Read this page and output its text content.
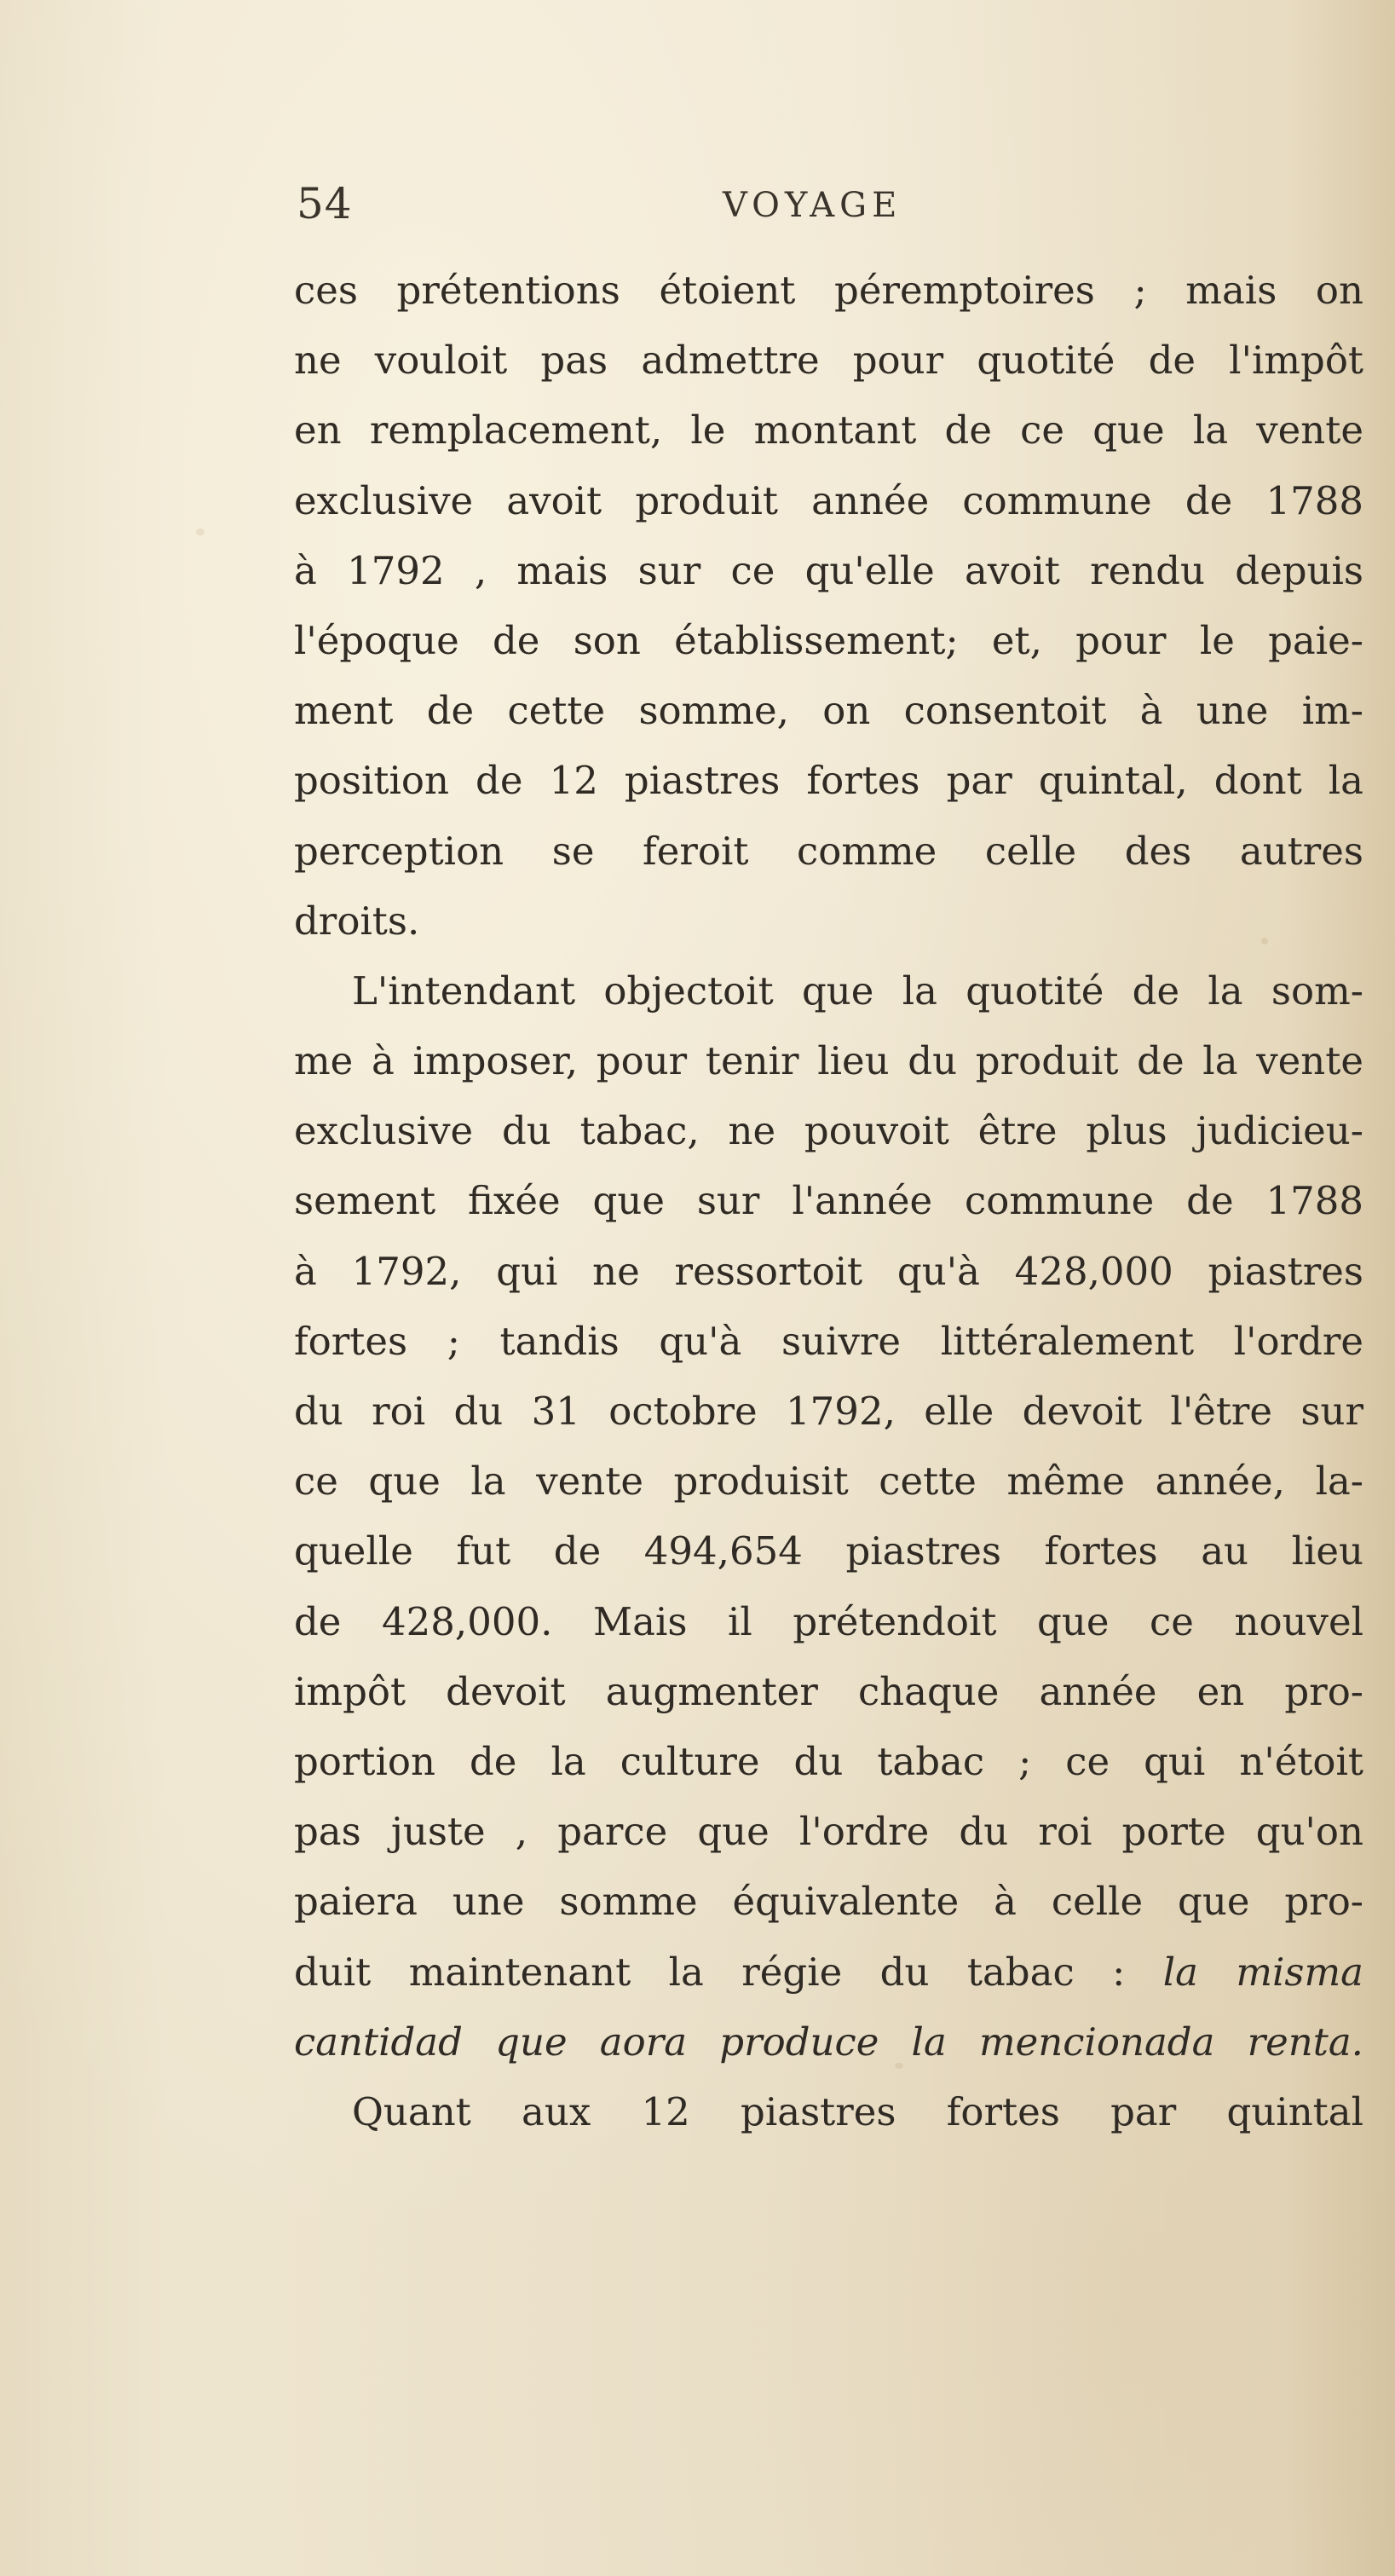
54	VOYAGE
ces prétentions étoient péremptoires ; mais on
ne vouloit pas admettre pour quotité de l'impôt
en remplacement, le montant de ce que la vente
exclusive avoit produit année commune de 1788
à 1792 , mais sur ce qu'elle avoit rendu depuis
l'époque de son établissement; et, pour le paie-
ment de cette somme, on consentoit à une im-
position de 12 piastres fortes par quintal, dont la
perception se feroit comme celle des autres
droits.
L'intendant objectoit que la quotité de la som-
me à imposer, pour tenir lieu du produit de la vente
exclusive du tabac, ne pouvoit être plus judicieu-
sement fixée que sur l'année commune de 1788
à 1792, qui ne ressortoit qu'à 428,000 piastres
fortes ; tandis qu'à suivre littéralement l'ordre
du roi du 31 octobre 1792, elle devoit l'être sur
ce que la vente produisit cette même année, la-
quelle fut de 494,654 piastres fortes au lieu
de 428,000. Mais il prétendoit que ce nouvel
impôt devoit augmenter chaque année en pro-
portion de la culture du tabac ; ce qui n'étoit
pas juste , parce que l'ordre du roi porte qu'on
paiera une somme équivalente à celle que pro-
duit maintenant la régie du tabac : la misma
cantidad que aora produce la mencionada renta.
Quant aux 12 piastres fortes par quintal
